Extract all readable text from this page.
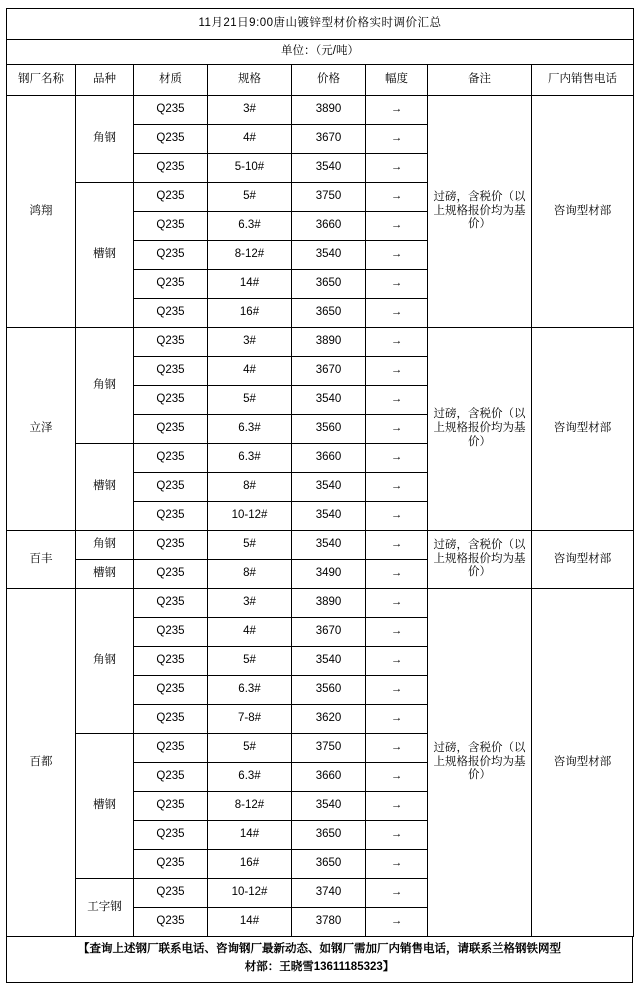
11月21日9:00唐山镀锌型材价格实时调价汇总							
单位：（元/吨）							
钢厂名称	品种	材质	规格	价格	幅度	备注	厂内销售电话
鸿翔	角钢	Q235	3#	3890	→	过磅，含税价（以上规格报价均为基价）	咨询型材部
		Q235	4#	3670	→		
		Q235	5-10#	3540	→		
	槽钢	Q235	5#	3750	→		
		Q235	6.3#	3660	→		
		Q235	8-12#	3540	→		
		Q235	14#	3650	→		
		Q235	16#	3650	→		
立泽	角钢	Q235	3#	3890	→	过磅，含税价（以上规格报价均为基价）	咨询型材部
		Q235	4#	3670	→		
		Q235	5#	3540	→		
		Q235	6.3#	3560	→		
	槽钢	Q235	6.3#	3660	→		
		Q235	8#	3540	→		
		Q235	10-12#	3540	→		
百丰	角钢	Q235	5#	3540	→	过磅，含税价（以上规格报价均为基价）	咨询型材部
	槽钢	Q235	8#	3490	→		
百都	角钢	Q235	3#	3890	→	过磅，含税价（以上规格报价均为基价）	咨询型材部
		Q235	4#	3670	→		
		Q235	5#	3540	→		
		Q235	6.3#	3560	→		
		Q235	7-8#	3620	→		
	槽钢	Q235	5#	3750	→		
		Q235	6.3#	3660	→		
		Q235	8-12#	3540	→		
		Q235	14#	3650	→		
		Q235	16#	3650	→		
	工字钢	Q235	10-12#	3740	→		
		Q235	14#	3780	→		
【查询上述钢厂联系电话、咨询钢厂最新动态、如钢厂需加厂内销售电话，请联系兰格钢铁网型
材部：王晓雪13611185323】
